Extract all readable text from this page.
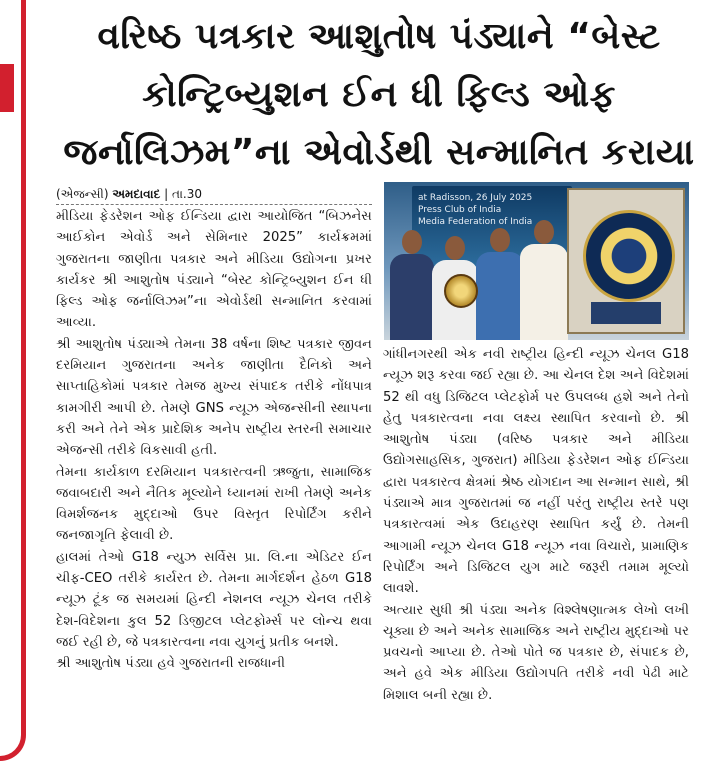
વરિષ્ઠ પત્રકાર આશુતોષ પંડ્યાને “બેસ્ટ કોન્ટ્રિબ્યુશન ઈન ધી ફિલ્ડ ઓફ જર્નાલિઝમ”ના એવોર્ડથી સન્માનિત કરાયા
(એજન્સી) અમદાવાદ | તા.30

મીડિયા ફેડરેશન ઓફ ઈન્ડિયા દ્વારા આયોજિત “બિઝનેસ આઈકોન એવોર્ડ અને સેમિનાર 2025” કાર્યક્રમમાં ગુજરાતના જાણીતા પત્રકાર અને મીડિયા ઉદ્યોગના પ્રખર કાર્યકર શ્રી આશુતોષ પંડ્યાને “બેસ્ટ કોન્ટ્રિબ્યુશન ઈન ધી ફિલ્ડ ઓફ જર્નાલિઝમ”ના એવોર્ડથી સન્માનિત કરવામાં આવ્યા.

શ્રી આશુતોષ પંડ્યાએ તેમના 38 વર્ષના શિષ્ટ પત્રકાર જીવન દરમિયાન ગુજરાતના અનેક જાણીતા દૈનિકો અને સાપ્તાહિકોમાં પત્રકાર તેમજ મુખ્ય સંપાદક તરીકે નોંધપાત્ર કામગીરી આપી છે. તેમણે GNS ન્યૂઝ એજન્સીની સ્થાપના કરી અને તેને એક પ્રાદેશિક અનેપ રાષ્ટ્રીય સ્તરની સમાચાર એજન્સી તરીકે વિકસાવી હતી.

તેમના કાર્યકાળ દરમિયાન પત્રકારત્વની ઋજુતા, સામાજિક જવાબદારી અને નૈતિક મૂલ્યોને ધ્યાનમાં રાખી તેમણે અનેક વિમર્શજનક મુદ્દાઓ ઉપર વિસ્તૃત રિપોર્ટિંગ કરીને જનજાગૃતિ ફેલાવી છે.

હાલમાં તેઓ G18 ન્યુઝ સર્વિસ પ્રા. લિ.ના એડિટર ઈન ચીફ-CEO તરીકે કાર્યરત છે. તેમના માર્ગદર્શન હેઠળ G18 ન્યૂઝ ટૂંક જ સમયમાં હિન્દી નેશનલ ન્યૂઝ ચેનલ તરીકે દેશ-વિદેશના કુલ 52 ડિજીટલ પ્લેટફોર્મ્સ પર લોન્ચ થવા જઈ રહી છે, જે પત્રકારત્વના નવા યુગનું પ્રતીક બનશે.

શ્રી આશુતોષ પંડ્યા હવે ગુજરાતની રાજધાની

at Radisson, 26 July 2025
Press Club of India
Media Federation of India

ગાંધીનગરથી એક નવી રાષ્ટ્રીય હિન્દી ન્યૂઝ ચેનલ G18 ન્યૂઝ શરૂ કરવા જઈ રહ્યા છે. આ ચેનલ દેશ અને વિદેશમાં 52 થી વધુ ડિજિટલ પ્લેટફોર્મ પર ઉપલબ્ધ હશે અને તેનો હેતુ પત્રકારત્વના નવા લક્ષ્ય સ્થાપિત કરવાનો છે. શ્રી આશુતોષ પંડ્યા (વરિષ્ઠ પત્રકાર અને મીડિયા ઉદ્યોગસાહસિક, ગુજરાત) મીડિયા ફેડરેશન ઓફ ઈન્ડિયા દ્વારા પત્રકારત્વ ક્ષેત્રમાં શ્રેષ્ઠ યોગદાન આ સન્માન સાથે, શ્રી પંડ્યાએ માત્ર ગુજરાતમાં જ નહીં પરંતુ રાષ્ટ્રીય સ્તરે પણ પત્રકારત્વમાં એક ઉદાહરણ સ્થાપિત કર્યું છે. તેમની આગામી ન્યૂઝ ચેનલ G18 ન્યૂઝ નવા વિચારો, પ્રામાણિક રિપોર્ટિંગ અને ડિજિટલ યુગ માટે જરૂરી તમામ મૂલ્યો લાવશે.

અત્યાર સુધી શ્રી પંડ્યા અનેક વિશ્લેષણાત્મક લેખો લખી ચૂક્યા છે અને અનેક સામાજિક અને રાષ્ટ્રીય મુદ્દાઓ પર પ્રવચનો આપ્યા છે. તેઓ પોતે જ પત્રકાર છે, સંપાદક છે, અને હવે એક મીડિયા ઉદ્યોગપતિ તરીકે નવી પેઢી માટે મિશાલ બની રહ્યા છે.
